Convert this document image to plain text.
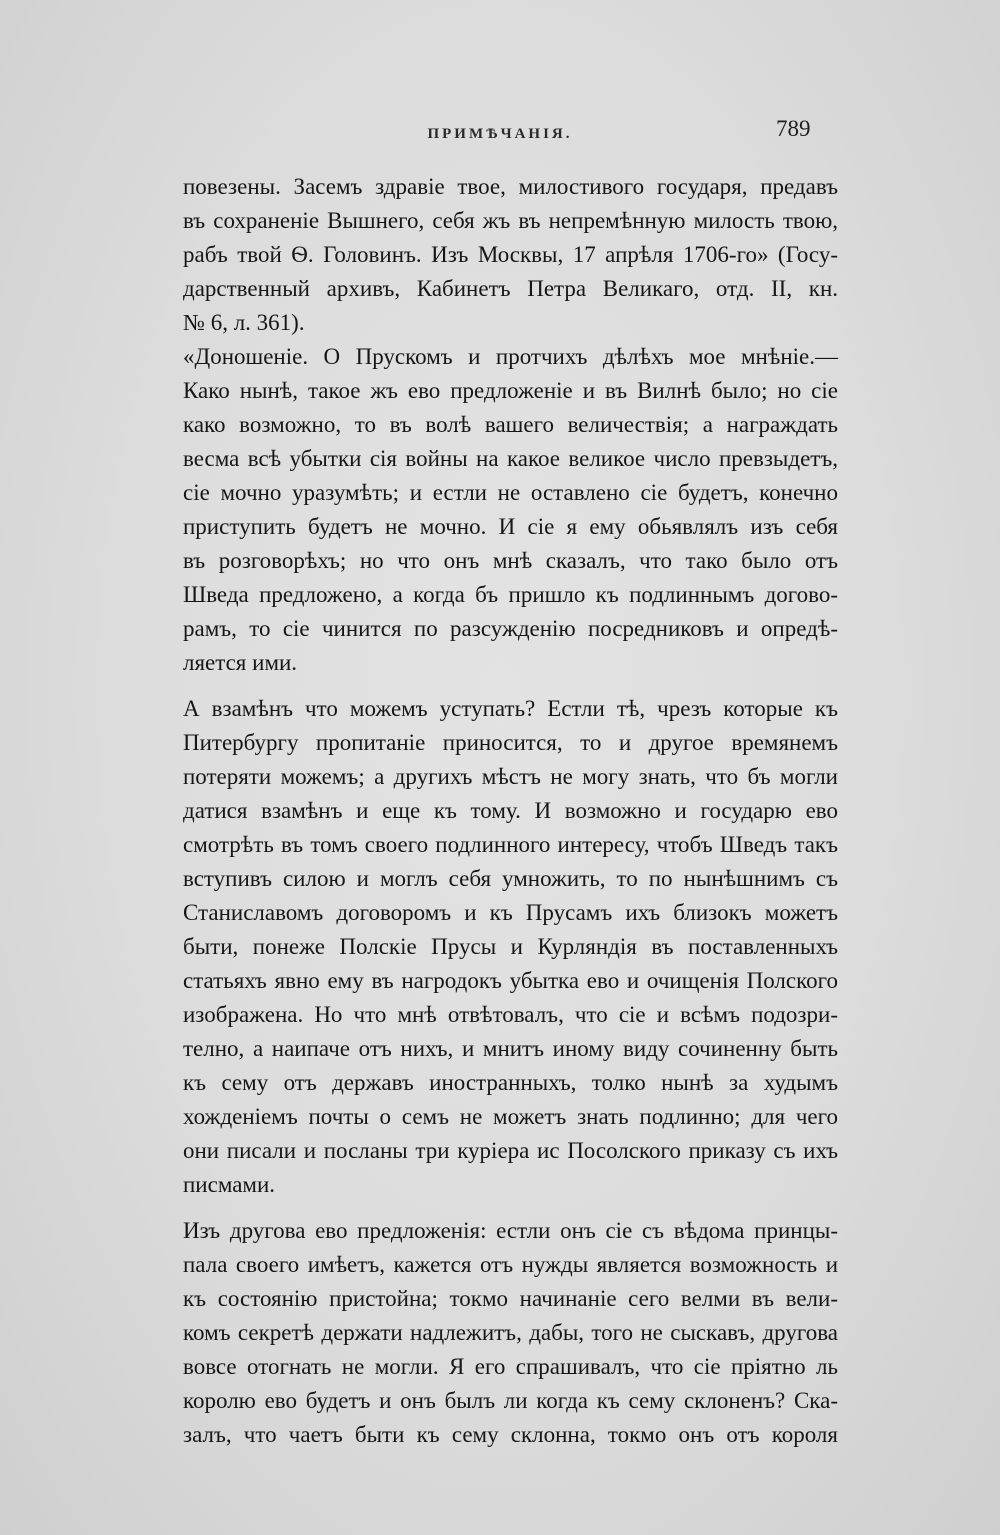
ПРИМѢЧАНІЯ.	789
повезены. Засемъ здравіе твое, милостивого государя, предавъ
въ сохраненіе Вышнего, себя жъ въ непремѣнную милость твою,
рабъ твой Ѳ. Головинъ. Изъ Москвы, 17 апрѣля 1706-го» (Госу-
дарственный архивъ, Кабинетъ Петра Великаго, отд. II, кн.
№ 6, л. 361).
«Доношеніе. О Прускомъ и протчихъ дѣлѣхъ мое мнѣніе.—
Како нынѣ, такое жъ ево предложеніе и въ Вилнѣ было; но сіе
како возможно, то въ волѣ вашего величествія; а награждать
весма всѣ убытки сія войны на какое великое число превзыдетъ,
сіе мочно уразумѣть; и естли не оставлено сіе будетъ, конечно
приступить будетъ не мочно. И сіе я ему обьявлялъ изъ себя
въ розговорѣхъ; но что онъ мнѣ сказалъ, что тако было отъ
Шведа предложено, а когда бъ пришло къ подлиннымъ догово-
рамъ, то сіе чинится по разсужденію посредниковъ и опредѣ-
ляется ими.
А взамѣнъ что можемъ уступать? Естли тѣ, чрезъ которые къ
Питербургу пропитаніе приносится, то и другое времянемъ
потеряти можемъ; а другихъ мѣстъ не могу знать, что бъ могли
датися взамѣнъ и еще къ тому. И возможно и государю ево
смотрѣть въ томъ своего подлинного интересу, чтобъ Шведъ такъ
вступивъ силою и моглъ себя умножить, то по нынѣшнимъ съ
Станиславомъ договоромъ и къ Прусамъ ихъ близокъ можетъ
быти, понеже Полскіе Прусы и Курляндія въ поставленныхъ
статьяхъ явно ему въ нагродокъ убытка ево и очищенія Полского
изображена. Но что мнѣ отвѣтовалъ, что сіе и всѣмъ подозри-
телно, а наипаче отъ нихъ, и мнитъ иному виду сочиненну быть
къ сему отъ державъ иностранныхъ, толко нынѣ за худымъ
хожденіемъ почты о семъ не можетъ знать подлинно; для чего
они писали и посланы три курiера ис Посолского приказу съ ихъ
писмами.
Изъ другова ево предложенія: естли онъ сіе съ вѣдома принцы-
пала своего имѣетъ, кажется отъ нужды является возможность и
къ состоянію пристойна; токмо начинаніе сего велми въ вели-
комъ секретѣ держати надлежитъ, дабы, того не сыскавъ, другова
вовсе отогнать не могли. Я его спрашивалъ, что сіе пріятно ль
королю ево будетъ и онъ былъ ли когда къ сему склоненъ? Ска-
залъ, что чаетъ быти къ сему склонна, токмо онъ отъ короля
